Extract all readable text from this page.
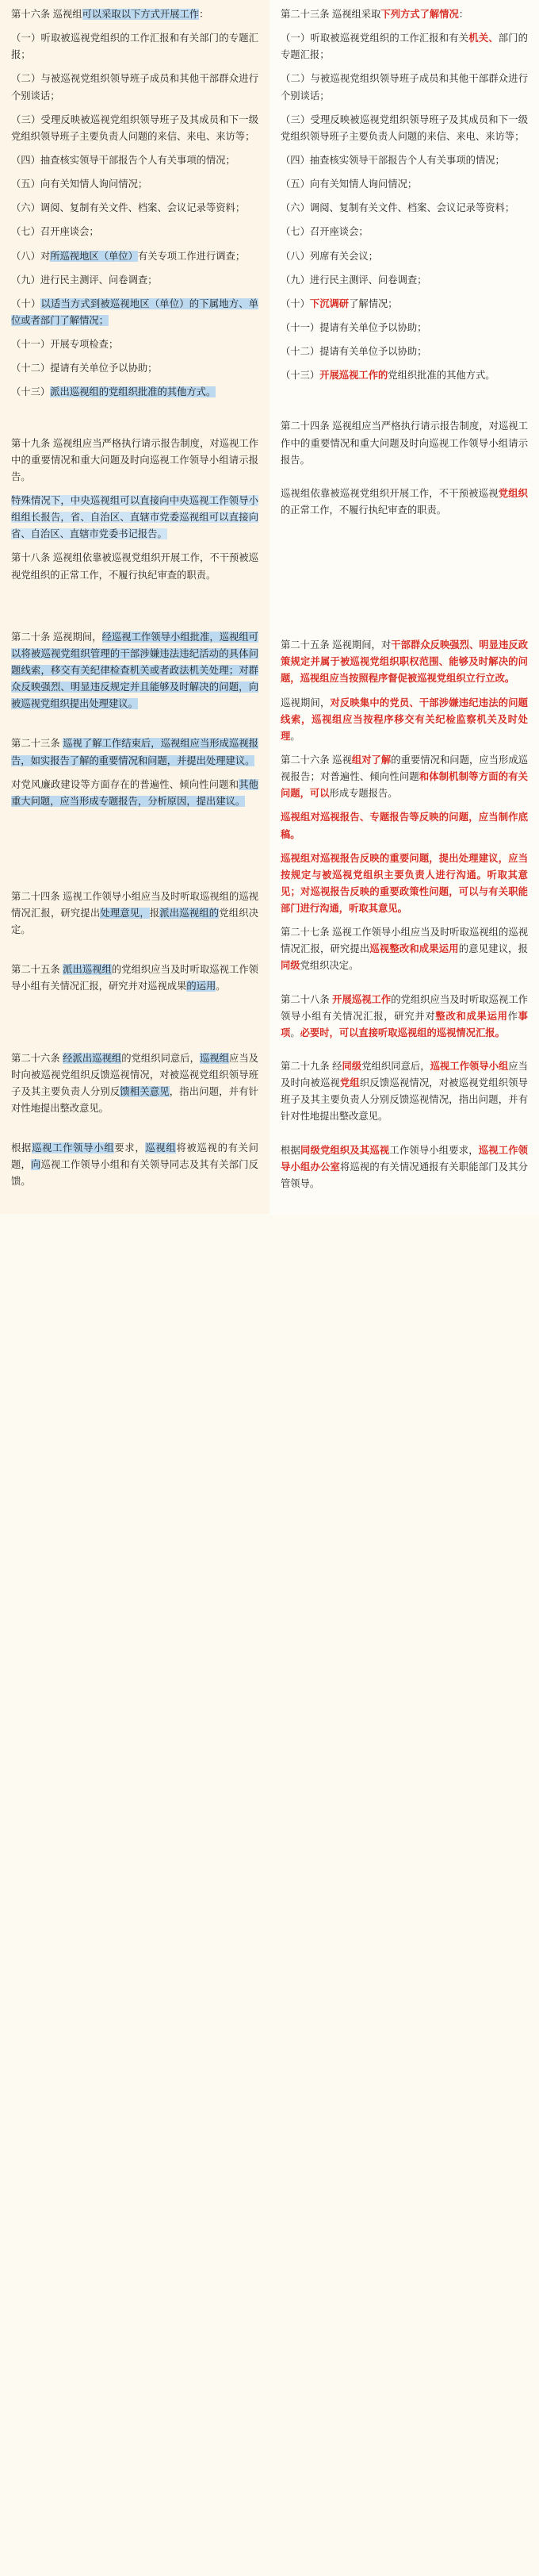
第十六条 巡视组可以采取以下方式开展工作：

（一）听取被巡视党组织的工作汇报和有关部门的专题汇报；

（二）与被巡视党组织领导班子成员和其他干部群众进行个别谈话；

（三）受理反映被巡视党组织领导班子及其成员和下一级党组织领导班子主要负责人问题的来信、来电、来访等；

（四）抽查核实领导干部报告个人有关事项的情况；

（五）向有关知情人询问情况；

（六）调阅、复制有关文件、档案、会议记录等资料；

（七）召开座谈会；

（八）对所巡视地区（单位）有关专项工作进行调查；

（九）进行民主测评、问卷调查；

（十）以适当方式到被巡视地区（单位）的下属地方、单位或者部门了解情况；

（十一）开展专项检查；

（十二）提请有关单位予以协助；

（十三）派出巡视组的党组织批准的其他方式。

第十九条 巡视组应当严格执行请示报告制度，对巡视工作中的重要情况和重大问题及时向巡视工作领导小组请示报告。

特殊情况下，中央巡视组可以直接向中央巡视工作领导小组组长报告，省、自治区、直辖市党委巡视组可以直接向省、自治区、直辖市党委书记报告。

第十八条 巡视组依靠被巡视党组织开展工作，不干预被巡视党组织的正常工作，不履行执纪审查的职责。

第二十条 巡视期间，经巡视工作领导小组批准，巡视组可以将被巡视党组织管理的干部涉嫌违法违纪活动的具体问题线索，移交有关纪律检查机关或者政法机关处理；对群众反映强烈、明显违反规定并且能够及时解决的问题，向被巡视党组织提出处理建议。

第二十三条 巡视了解工作结束后，巡视组应当形成巡视报告，如实报告了解的重要情况和问题，并提出处理建议。

对党风廉政建设等方面存在的普遍性、倾向性问题和其他重大问题，应当形成专题报告，分析原因，提出建议。

第二十四条 巡视工作领导小组应当及时听取巡视组的巡视情况汇报，研究提出处理意见，报派出巡视组的党组织决定。

第二十五条 派出巡视组的党组织应当及时听取巡视工作领导小组有关情况汇报，研究并对巡视成果的运用。

第二十六条 经派出巡视组的党组织同意后，巡视组应当及时向被巡视党组织反馈巡视情况，对被巡视党组织领导班子及其主要负责人分别反馈相关意见，指出问题，并有针对性地提出整改意见。

根据巡视工作领导小组要求，巡视组将被巡视的有关问题，向巡视工作领导小组和有关领导同志及其有关部门反馈。

第二十三条 巡视组采取下列方式了解情况：

（一）听取被巡视党组织的工作汇报和有关机关、部门的专题汇报；

（二）与被巡视党组织领导班子成员和其他干部群众进行个别谈话；

（三）受理反映被巡视党组织领导班子及其成员和下一级党组织领导班子主要负责人问题的来信、来电、来访等；

（四）抽查核实领导干部报告个人有关事项的情况；

（五）向有关知情人询问情况；

（六）调阅、复制有关文件、档案、会议记录等资料；

（七）召开座谈会；

（八）列席有关会议；

（九）进行民主测评、问卷调查；

（十）下沉调研了解情况；

（十一）提请有关单位予以协助；

（十二）提请有关单位予以协助；

（十三）开展巡视工作的党组织批准的其他方式。

第二十四条 巡视组应当严格执行请示报告制度，对巡视工作中的重要情况和重大问题及时向巡视工作领导小组请示报告。

巡视组依靠被巡视党组织开展工作，不干预被巡视党组织的正常工作，不履行执纪审查的职责。

第二十五条 巡视期间，对干部群众反映强烈、明显违反政策规定并属于被巡视党组织职权范围、能够及时解决的问题，巡视组应当按照程序督促被巡视党组织立行立改。

巡视期间，对反映集中的党员、干部涉嫌违纪违法的问题线索，巡视组应当按程序移交有关纪检监察机关及时处理。

第二十六条 巡视组对了解的重要情况和问题，应当形成巡视报告；对普遍性、倾向性问题和体制机制等方面的有关问题，可以形成专题报告。

巡视组对巡视报告、专题报告等反映的问题，应当制作底稿。

巡视组对巡视报告反映的重要问题，提出处理建议，应当按规定与被巡视党组织主要负责人进行沟通。听取其意见；对巡视报告反映的重要政策性问题，可以与有关职能部门进行沟通，听取其意见。

第二十七条 巡视工作领导小组应当及时听取巡视组的巡视情况汇报，研究提出巡视整改和成果运用的意见建议，报同级党组织决定。

第二十八条 开展巡视工作的党组织应当及时听取巡视工作领导小组有关情况汇报，研究并对整改和成果运用作事项。必要时，可以直接听取巡视组的巡视情况汇报。

第二十九条 经同级党组织同意后，巡视工作领导小组应当及时向被巡视党组织反馈巡视情况，对被巡视党组织领导班子及其主要负责人分别反馈巡视情况，指出问题，并有针对性地提出整改意见。

根据同级党组织及其巡视工作领导小组要求，巡视工作领导小组办公室将巡视的有关情况通报有关职能部门及其分管领导。
